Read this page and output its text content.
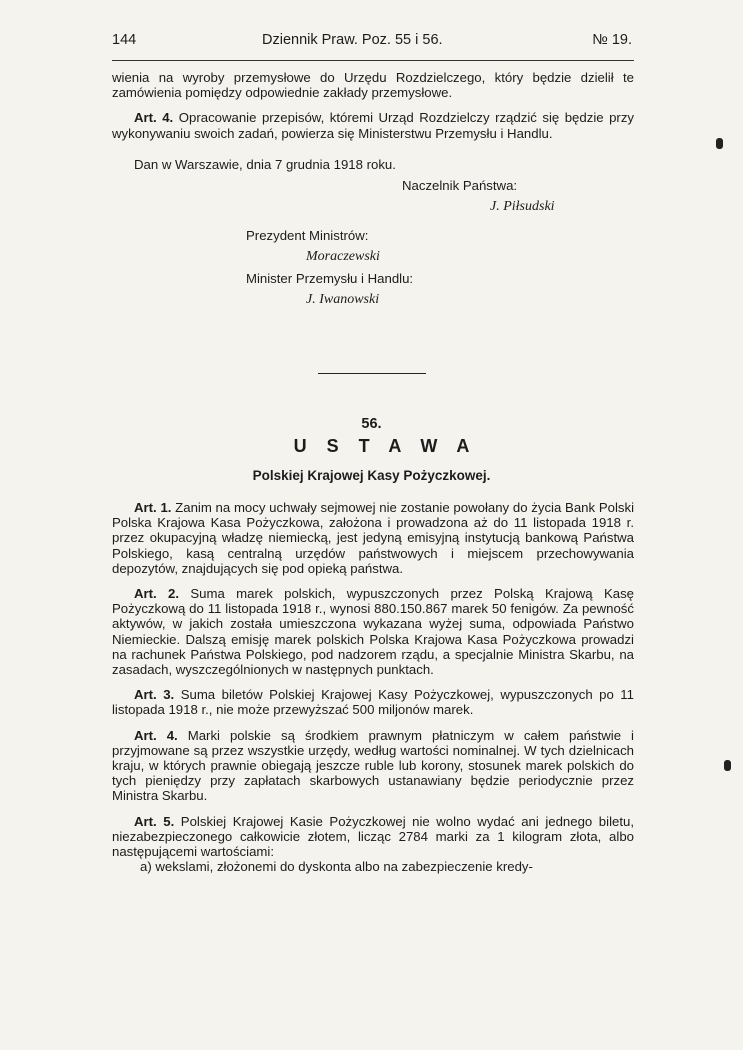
144	Dziennik Praw. Poz. 55 i 56.	№ 19.

wienia na wyroby przemysłowe do Urzędu Rozdzielczego, który będzie dzielił te zamówienia pomiędzy odpowiednie zakłady przemysłowe.

Art. 4. Opracowanie przepisów, któremi Urząd Rozdzielczy rządzić się będzie przy wykonywaniu swoich zadań, powierza się Ministerstwu Przemysłu i Handlu.

Dan w Warszawie, dnia 7 grudnia 1918 roku.

Naczelnik Państwa:
J. Piłsudski
Prezydent Ministrów:
Moraczewski
Minister Przemysłu i Handlu:
J. Iwanowski
56.
USTAWA
Polskiej Krajowej Kasy Pożyczkowej.

Art. 1. Zanim na mocy uchwały sejmowej nie zostanie powołany do życia Bank Polski Polska Krajowa Kasa Pożyczkowa, założona i prowadzona aż do 11 listopada 1918 r. przez okupacyjną władzę niemiecką, jest jedyną emisyjną instytucją bankową Państwa Polskiego, kasą centralną urzędów państwowych i miejscem przechowywania depozytów, znajdujących się pod opieką państwa.

Art. 2. Suma marek polskich, wypuszczonych przez Polską Krajową Kasę Pożyczkową do 11 listopada 1918 r., wynosi 880.150.867 marek 50 fenigów. Za pewność aktywów, w jakich została umieszczona wykazana wyżej suma, odpowiada Państwo Niemieckie. Dalszą emisję marek polskich Polska Krajowa Kasa Pożyczkowa prowadzi na rachunek Państwa Polskiego, pod nadzorem rządu, a specjalnie Ministra Skarbu, na zasadach, wyszczególnionych w następnych punktach.

Art. 3. Suma biletów Polskiej Krajowej Kasy Pożyczkowej, wypuszczonych po 11 listopada 1918 r., nie może przewyższać 500 miljonów marek.

Art. 4. Marki polskie są środkiem prawnym płatniczym w całem państwie i przyjmowane są przez wszystkie urzędy, według wartości nominalnej. W tych dzielnicach kraju, w których prawnie obiegają jeszcze ruble lub korony, stosunek marek polskich do tych pieniędzy przy zapłatach skarbowych ustanawiany będzie periodycznie przez Ministra Skarbu.

Art. 5. Polskiej Krajowej Kasie Pożyczkowej nie wolno wydać ani jednego biletu, niezabezpieczonego całkowicie złotem, licząc 2784 marki za 1 kilogram złota, albo następującemi wartościami:

a) wekslami, złożonemi do dyskonta albo na zabezpieczenie kredy-
